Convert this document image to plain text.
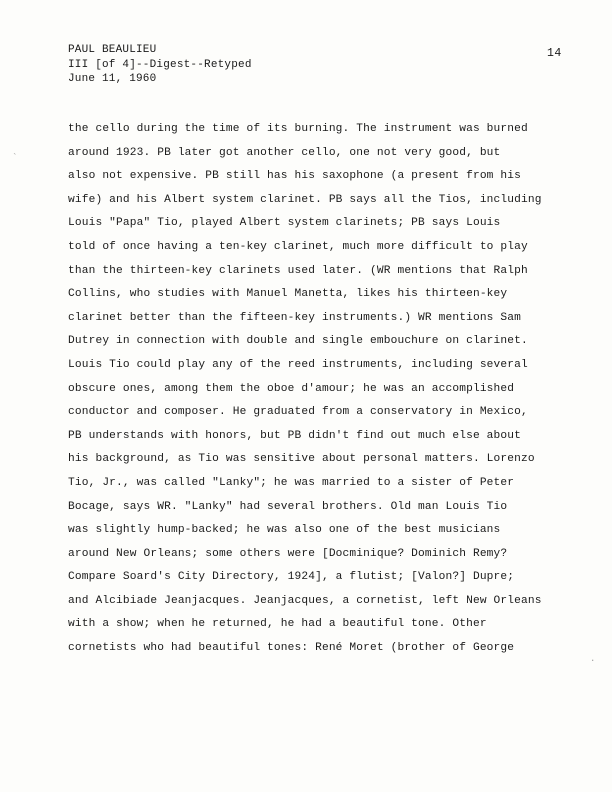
PAUL BEAULIEU
III [of 4]--Digest--Retyped
June 11, 1960
14
the cello during the time of its burning. The instrument was burned
around 1923. PB later got another cello, one not very good, but
also not expensive. PB still has his saxophone (a present from his
wife) and his Albert system clarinet. PB says all the Tios, including
Louis "Papa" Tio, played Albert system clarinets; PB says Louis
told of once having a ten-key clarinet, much more difficult to play
than the thirteen-key clarinets used later. (WR mentions that Ralph
Collins, who studies with Manuel Manetta, likes his thirteen-key
clarinet better than the fifteen-key instruments.) WR mentions Sam
Dutrey in connection with double and single embouchure on clarinet.
Louis Tio could play any of the reed instruments, including several
obscure ones, among them the oboe d'amour; he was an accomplished
conductor and composer. He graduated from a conservatory in Mexico,
PB understands with honors, but PB didn't find out much else about
his background, as Tio was sensitive about personal matters. Lorenzo
Tio, Jr., was called "Lanky"; he was married to a sister of Peter
Bocage, says WR. "Lanky" had several brothers. Old man Louis Tio
was slightly hump-backed; he was also one of the best musicians
around New Orleans; some others were [Docminique? Dominich Remy?
Compare Soard's City Directory, 1924], a flutist; [Valon?] Dupre;
and Alcibiade Jeanjacques. Jeanjacques, a cornetist, left New Orleans
with a show; when he returned, he had a beautiful tone. Other
cornetists who had beautiful tones: René Moret (brother of George
`
·
